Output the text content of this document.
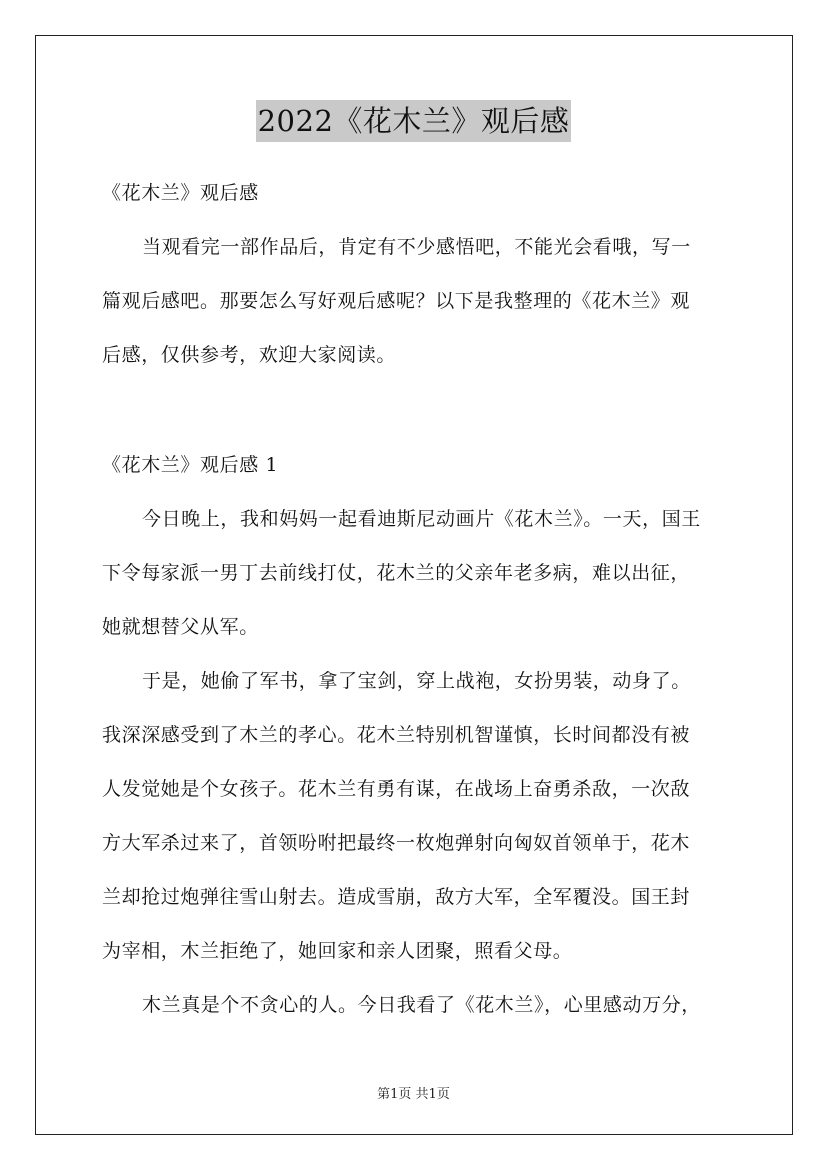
2022《花木兰》观后感
《花木兰》观后感
当观看完一部作品后，肯定有不少感悟吧，不能光会看哦，写一
篇观后感吧。那要怎么写好观后感呢？以下是我整理的《花木兰》观
后感，仅供参考，欢迎大家阅读。
《花木兰》观后感 1
今日晚上，我和妈妈一起看迪斯尼动画片《花木兰》。一天，国王
下令每家派一男丁去前线打仗，花木兰的父亲年老多病，难以出征，
她就想替父从军。
于是，她偷了军书，拿了宝剑，穿上战袍，女扮男装，动身了。
我深深感受到了木兰的孝心。花木兰特别机智谨慎，长时间都没有被
人发觉她是个女孩子。花木兰有勇有谋，在战场上奋勇杀敌，一次敌
方大军杀过来了，首领吩咐把最终一枚炮弹射向匈奴首领单于，花木
兰却抢过炮弹往雪山射去。造成雪崩，敌方大军，全军覆没。国王封
为宰相，木兰拒绝了，她回家和亲人团聚，照看父母。
木兰真是个不贪心的人。今日我看了《花木兰》，心里感动万分，
第1页 共1页
